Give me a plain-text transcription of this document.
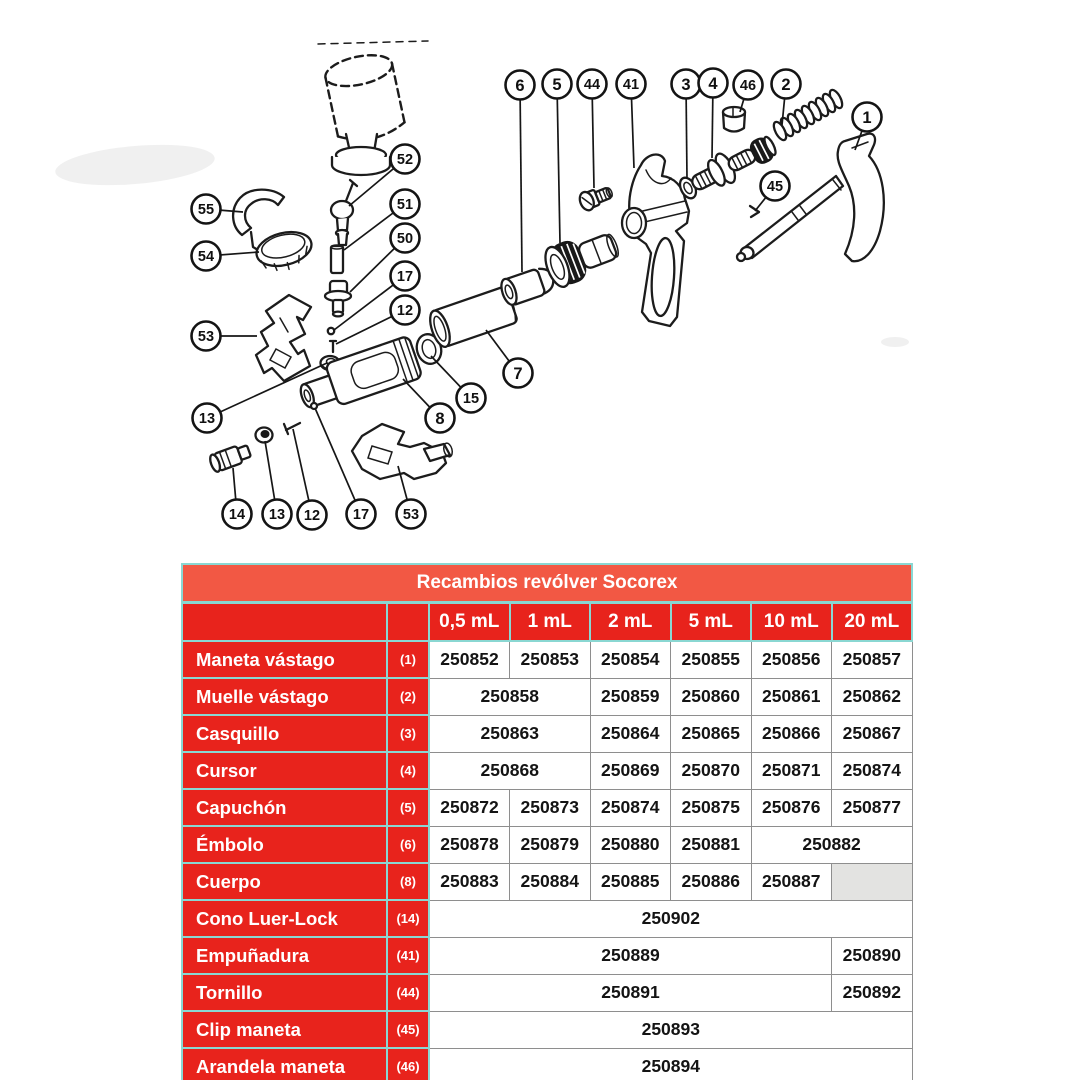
6 5 44 41	3 4 46 2
1
45
52
51
50
17
12
55
54
53
13
14 13 12 17 53
8
15
7
Recambios revólver Socorex							
		0,5 mL	1 mL	2 mL	5 mL	10 mL	20 mL
Maneta vástago	(1)	250852	250853	250854	250855	250856	250857
Muelle vástago	(2)	250858		250859	250860	250861	250862
Casquillo	(3)	250863		250864	250865	250866	250867
Cursor	(4)	250868		250869	250870	250871	250874
Capuchón	(5)	250872	250873	250874	250875	250876	250877
Émbolo	(6)	250878	250879	250880	250881	250882	
Cuerpo	(8)	250883	250884	250885	250886	250887	
Cono Luer-Lock	(14)	250902					
Empuñadura	(41)	250889					250890
Tornillo	(44)	250891					250892
Clip maneta	(45)	250893					
Arandela maneta	(46)	250894					
